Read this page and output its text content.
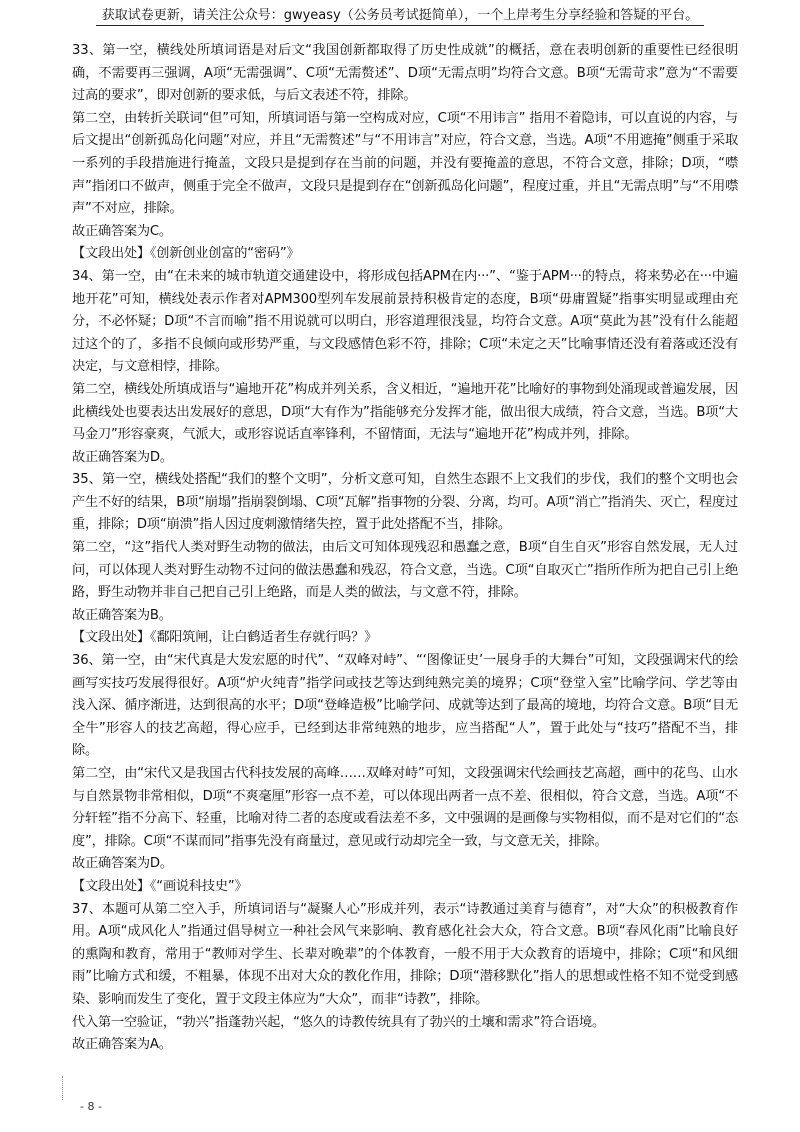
获取试卷更新，请关注公众号：gwyeasy（公务员考试挺简单），一个上岸考生分享经验和答疑的平台。

33、第一空，横线处所填词语是对后文“我国创新都取得了历史性成就”的概括，意在表明创新的重要性已经很明确，不需要再三强调，A项“无需强调”、C项“无需赘述”、D项“无需点明”均符合文意。B项“无需苛求”意为“不需要过高的要求”，即对创新的要求低，与后文表述不符，排除。

第二空，由转折关联词“但”可知，所填词语与第一空构成对应，C项“不用讳言” 指用不着隐讳，可以直说的内容，与后文提出“创新孤岛化问题”对应，并且“无需赘述”与“不用讳言”对应，符合文意，当选。A项“不用遮掩”侧重于采取一系列的手段措施进行掩盖，文段只是提到存在当前的问题，并没有要掩盖的意思，不符合文意，排除；D项，“噤声”指闭口不做声，侧重于完全不做声，文段只是提到存在“创新孤岛化问题”，程度过重，并且“无需点明”与“不用噤声”不对应，排除。

故正确答案为C。

【文段出处】《创新创业创富的“密码”》

34、第一空，由“在未来的城市轨道交通建设中，将形成包括APM在内···”、“鉴于APM···的特点，将来势必在···中遍地开花”可知，横线处表示作者对APM300型列车发展前景持积极肯定的态度，B项“毋庸置疑”指事实明显或理由充分，不必怀疑；D项“不言而喻”指不用说就可以明白，形容道理很浅显，均符合文意。A项“莫此为甚”没有什么能超过这个的了，多指不良倾向或形势严重，与文段感情色彩不符，排除；C项“未定之天”比喻事情还没有着落或还没有决定，与文意相悖，排除。

第二空，横线处所填成语与“遍地开花”构成并列关系，含义相近，“遍地开花”比喻好的事物到处涌现或普遍发展，因此横线处也要表达出发展好的意思，D项“大有作为”指能够充分发挥才能，做出很大成绩，符合文意，当选。B项“大马金刀”形容豪爽，气派大，或形容说话直率锋利，不留情面，无法与“遍地开花”构成并列，排除。

故正确答案为D。

35、第一空，横线处搭配“我们的整个文明”，分析文意可知，自然生态跟不上文我们的步伐，我们的整个文明也会产生不好的结果，B项“崩塌”指崩裂倒塌、C项“瓦解”指事物的分裂、分离，均可。A项“消亡”指消失、灭亡，程度过重，排除；D项“崩溃”指人因过度刺激情绪失控，置于此处搭配不当，排除。

第二空，“这”指代人类对野生动物的做法，由后文可知体现残忍和愚蠢之意，B项“自生自灭”形容自然发展，无人过问，可以体现人类对野生动物不过问的做法愚蠢和残忍，符合文意，当选。C项“自取灭亡”指所作所为把自己引上绝路，野生动物并非自己把自己引上绝路，而是人类的做法，与文意不符，排除。

故正确答案为B。

【文段出处】《鄱阳筑闸，让白鹤适者生存就行吗？》

36、第一空，由“宋代真是大发宏愿的时代”、“双峰对峙”、“‘图像证史’一展身手的大舞台”可知，文段强调宋代的绘画写实技巧发展得很好。A项“炉火纯青”指学问或技艺等达到纯熟完美的境界；C项“登堂入室”比喻学问、学艺等由浅入深、循序渐进，达到很高的水平；D项“登峰造极”比喻学问、成就等达到了最高的境地，均符合文意。B项“目无全牛”形容人的技艺高超，得心应手，已经到达非常纯熟的地步，应当搭配“人”，置于此处与“技巧”搭配不当，排除。

第二空，由“宋代又是我国古代科技发展的高峰……双峰对峙”可知，文段强调宋代绘画技艺高超，画中的花鸟、山水与自然景物非常相似，D项“不爽毫厘”形容一点不差，可以体现出两者一点不差、很相似，符合文意，当选。A项“不分轩轾”指不分高下、轻重，比喻对待二者的态度或看法差不多，文中强调的是画像与实物相似，而不是对它们的“态度”，排除。C项“不谋而同”指事先没有商量过，意见或行动却完全一致，与文意无关，排除。

故正确答案为D。

【文段出处】《“画说科技史”》

37、本题可从第二空入手，所填词语与“凝聚人心”形成并列，表示“诗教通过美育与德育”，对“大众”的积极教育作用。A项“成风化人”指通过倡导树立一种社会风气来影响、教育感化社会大众，符合文意。B项“春风化雨”比喻良好的熏陶和教育，常用于“教师对学生、长辈对晚辈”的个体教育，一般不用于大众教育的语境中，排除；C项“和风细雨”比喻方式和缓，不粗暴，体现不出对大众的教化作用，排除；D项“潜移默化”指人的思想或性格不知不觉受到感染、影响而发生了变化，置于文段主体应为“大众”，而非“诗教”，排除。

代入第一空验证，“勃兴”指蓬勃兴起，“悠久的诗教传统具有了勃兴的土壤和需求”符合语境。

故正确答案为A。

- 8 -
